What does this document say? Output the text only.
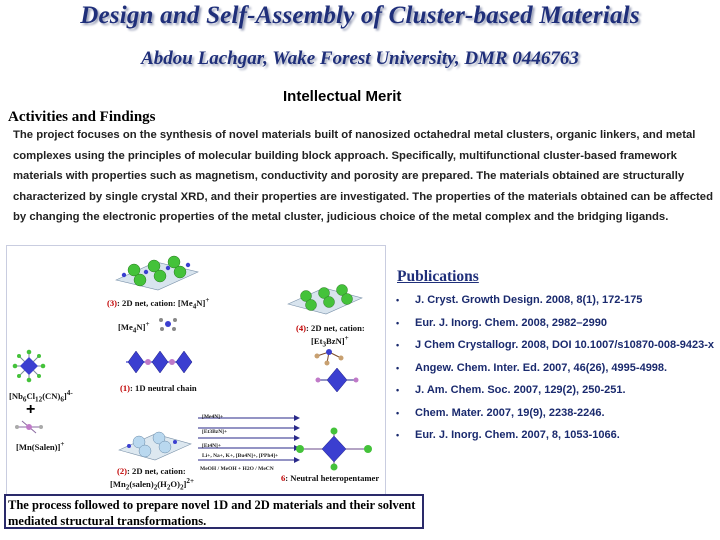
Design and Self-Assembly of Cluster-based Materials
Abdou Lachgar, Wake Forest University, DMR 0446763
Intellectual Merit
Activities and Findings
The project focuses on the synthesis of novel materials built of nanosized octahedral metal clusters, organic linkers, and metal complexes using the principles of molecular building block approach. Specifically, multifunctional cluster-based framework materials with properties such as magnetism, conductivity and porosity are prepared. The materials obtained are structurally characterized by single crystal XRD, and their properties are investigated. The properties of the materials obtained can be affected by changing the electronic properties of the metal cluster, judicious choice of the metal complex and the bridging ligands.
(3): 2D net, cation: $[Me_4N]^+$
$[Me_4N]^+$	(4): 2D net, cation:
$[Et_3BzN]^+$
(1): 1D neutral chain
$[Nb_6Cl_{12}(CN)_6]^{4-}$
+
[Mn(Salen)]+
(2): 2D net, cation:
$[Mn_2(salen)_2(H_2O)_2]^{2+}$
[Me4N]+
[Et3BzN]+
[Et4N]+
Li+, Na+, K+, [Bu4N]+, [PPh4]+
MeOH / MeOH + H2O / MeCN
6: Neutral heteropentamer
Publications
• J. Cryst. Growth Design. 2008, 8(1), 172-175
• Eur. J. Inorg. Chem. 2008, 2982–2990
• J Chem Crystallogr. 2008, DOI 10.1007/s10870-008-9423-x
• Angew. Chem. Inter. Ed. 2007, 46(26), 4995-4998.
• J. Am. Chem. Soc. 2007, 129(2), 250-251.
• Chem. Mater. 2007, 19(9), 2238-2246.
• Eur. J. Inorg. Chem. 2007, 8, 1053-1066.
The process followed to prepare novel 1D and 2D materials and their solvent mediated structural transformations.
